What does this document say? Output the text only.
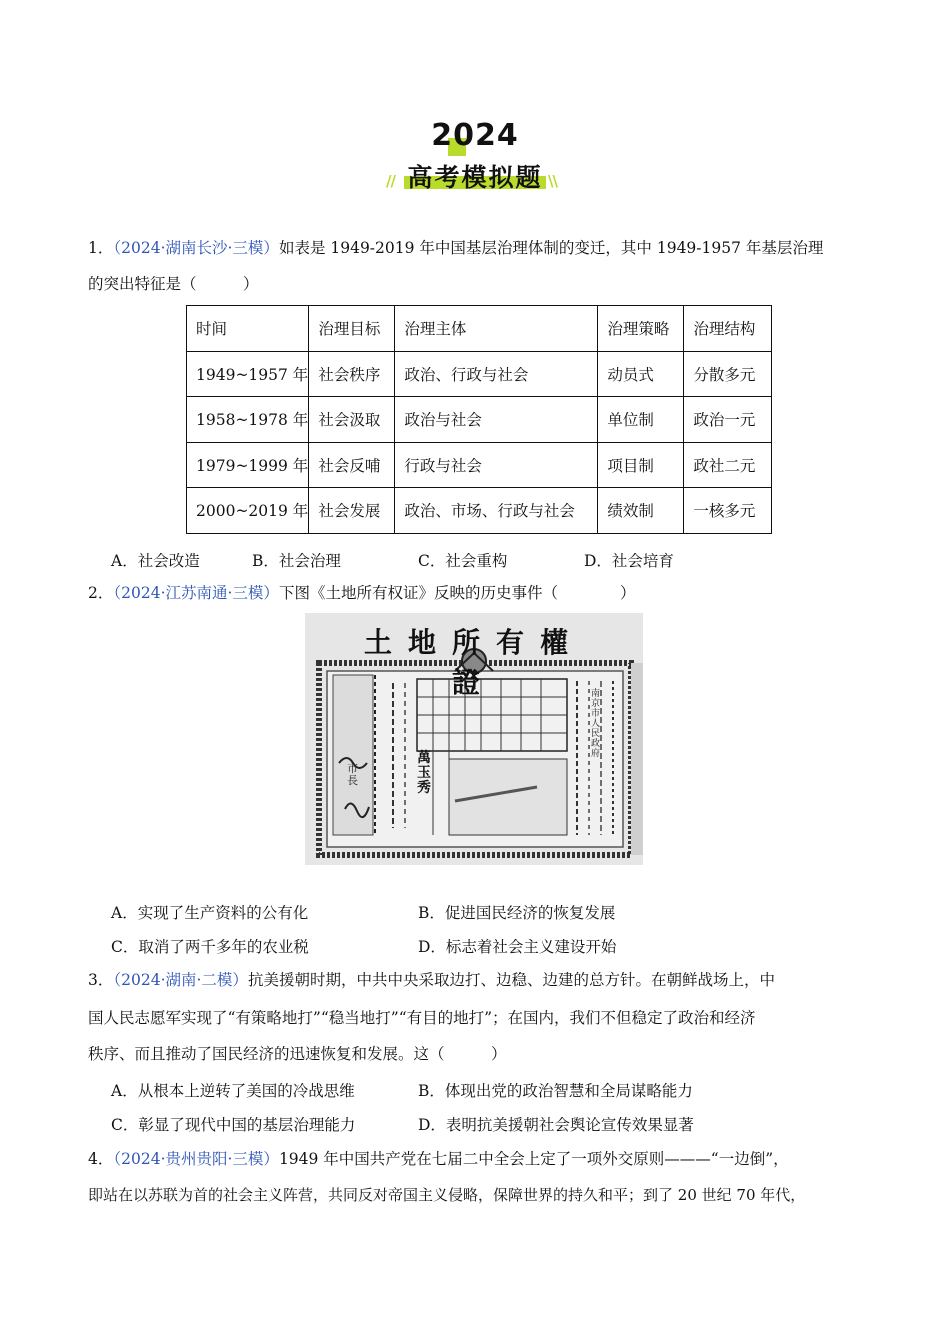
2024
//	\\
高考模拟题
1．（2024·湖南长沙·三模）如表是 1949-2019 年中国基层治理体制的变迁，其中 1949-1957 年基层治理
的突出特征是（　　　）
时间	治理目标	治理主体	治理策略	治理结构
1949~1957 年	社会秩序	政治、行政与社会	动员式	分散多元
1958~1978 年	社会汲取	政治与社会	单位制	政治一元
1979~1999 年	社会反哺	行政与社会	项目制	政社二元
2000~2019 年	社会发展	政治、市场、行政与社会	绩效制	一核多元
A．社会改造	B．社会治理	C．社会重构	D．社会培育
2．（2024·江苏南通·三模）下图《土地所有权证》反映的历史事件（　　　　）
土地所有權證
萬玉秀
市長
南京市人民政府
A．实现了生产资料的公有化	B．促进国民经济的恢复发展
C．取消了两千多年的农业税	D．标志着社会主义建设开始
3．（2024·湖南·二模）抗美援朝时期，中共中央采取边打、边稳、边建的总方针。在朝鲜战场上，中
国人民志愿军实现了“有策略地打”“稳当地打”“有目的地打”；在国内，我们不但稳定了政治和经济
秩序、而且推动了国民经济的迅速恢复和发展。这（　　　）
A．从根本上逆转了美国的冷战思维	B．体现出党的政治智慧和全局谋略能力
C．彰显了现代中国的基层治理能力	D．表明抗美援朝社会舆论宣传效果显著
4．（2024·贵州贵阳·三模）1949 年中国共产党在七届二中全会上定了一项外交原则———“一边倒”，
即站在以苏联为首的社会主义阵营，共同反对帝国主义侵略，保障世界的持久和平；到了 20 世纪 70 年代，
